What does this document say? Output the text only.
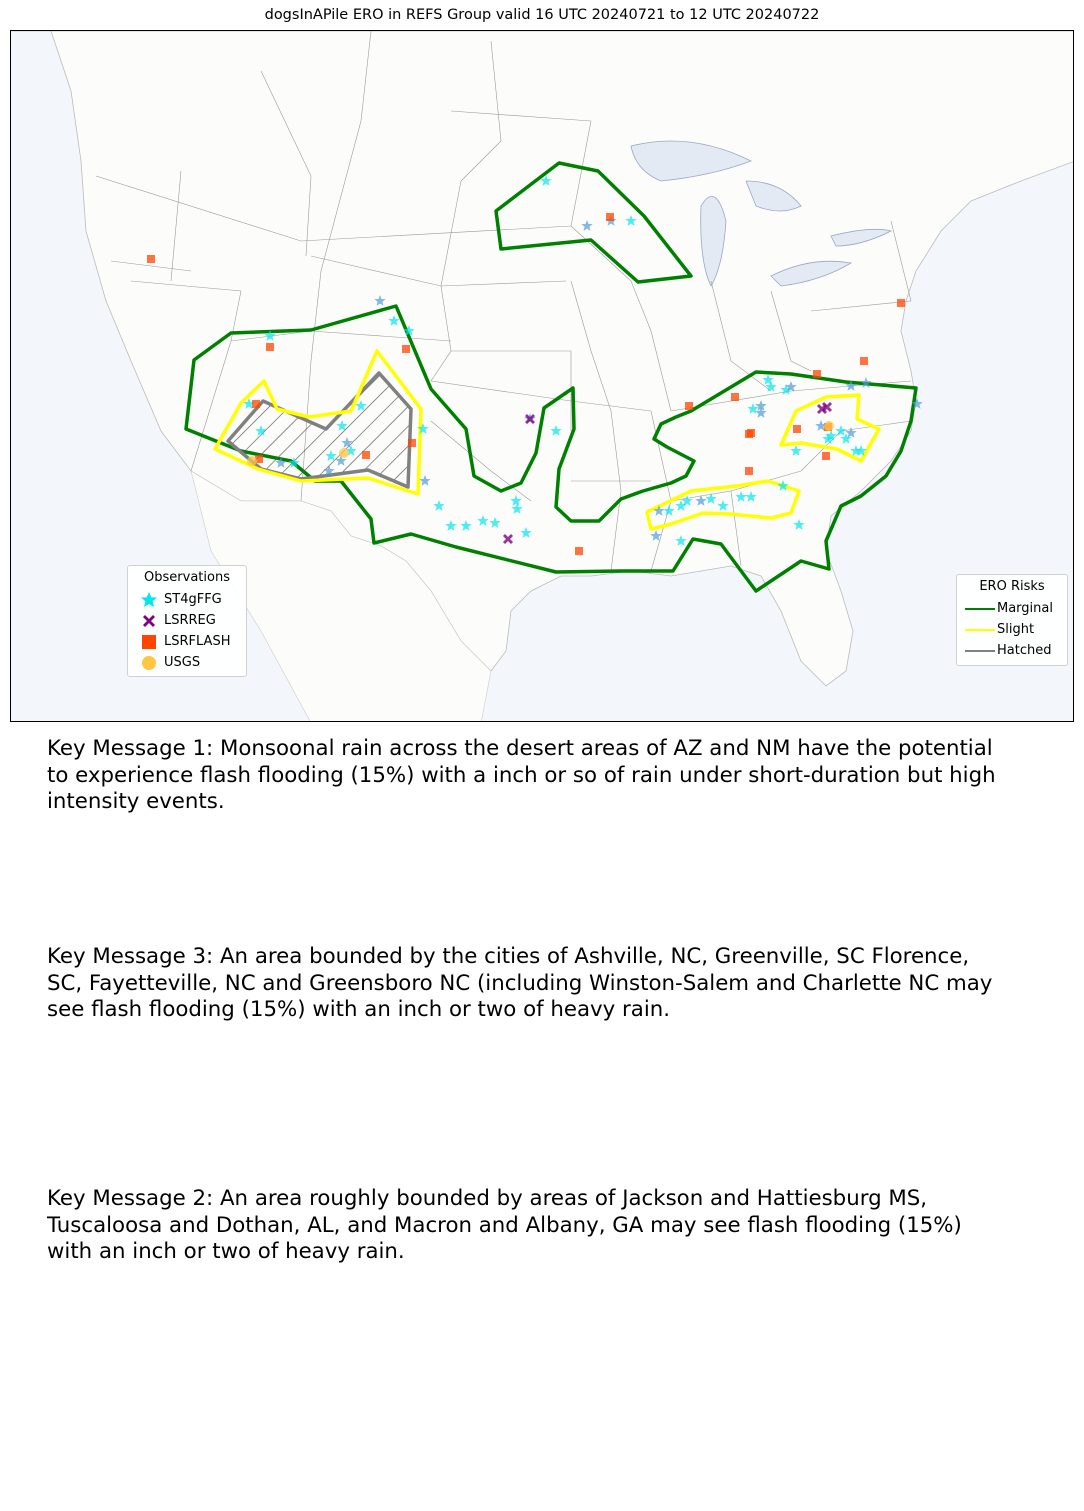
dogsInAPile ERO in REFS Group valid 16 UTC 20240721 to 12 UTC 20240722
Observations
ST4gFFG
LSRREG
LSRFLASH
USGS
ERO Risks
Marginal
Slight
Hatched
Key Message 1: Monsoonal rain across the desert areas of AZ and NM have the potential to experience flash flooding (15%) with a inch or so of rain under short-duration but high intensity events.
Key Message 3: An area bounded by the cities of Ashville, NC, Greenville, SC Florence, SC, Fayetteville, NC and Greensboro NC (including Winston-Salem and Charlette NC may see flash flooding (15%) with an inch or two of heavy rain.
Key Message 2: An area roughly bounded by areas of Jackson and Hattiesburg MS, Tuscaloosa and Dothan, AL, and Macron and Albany, GA may see flash flooding (15%) with an inch or two of heavy rain.
